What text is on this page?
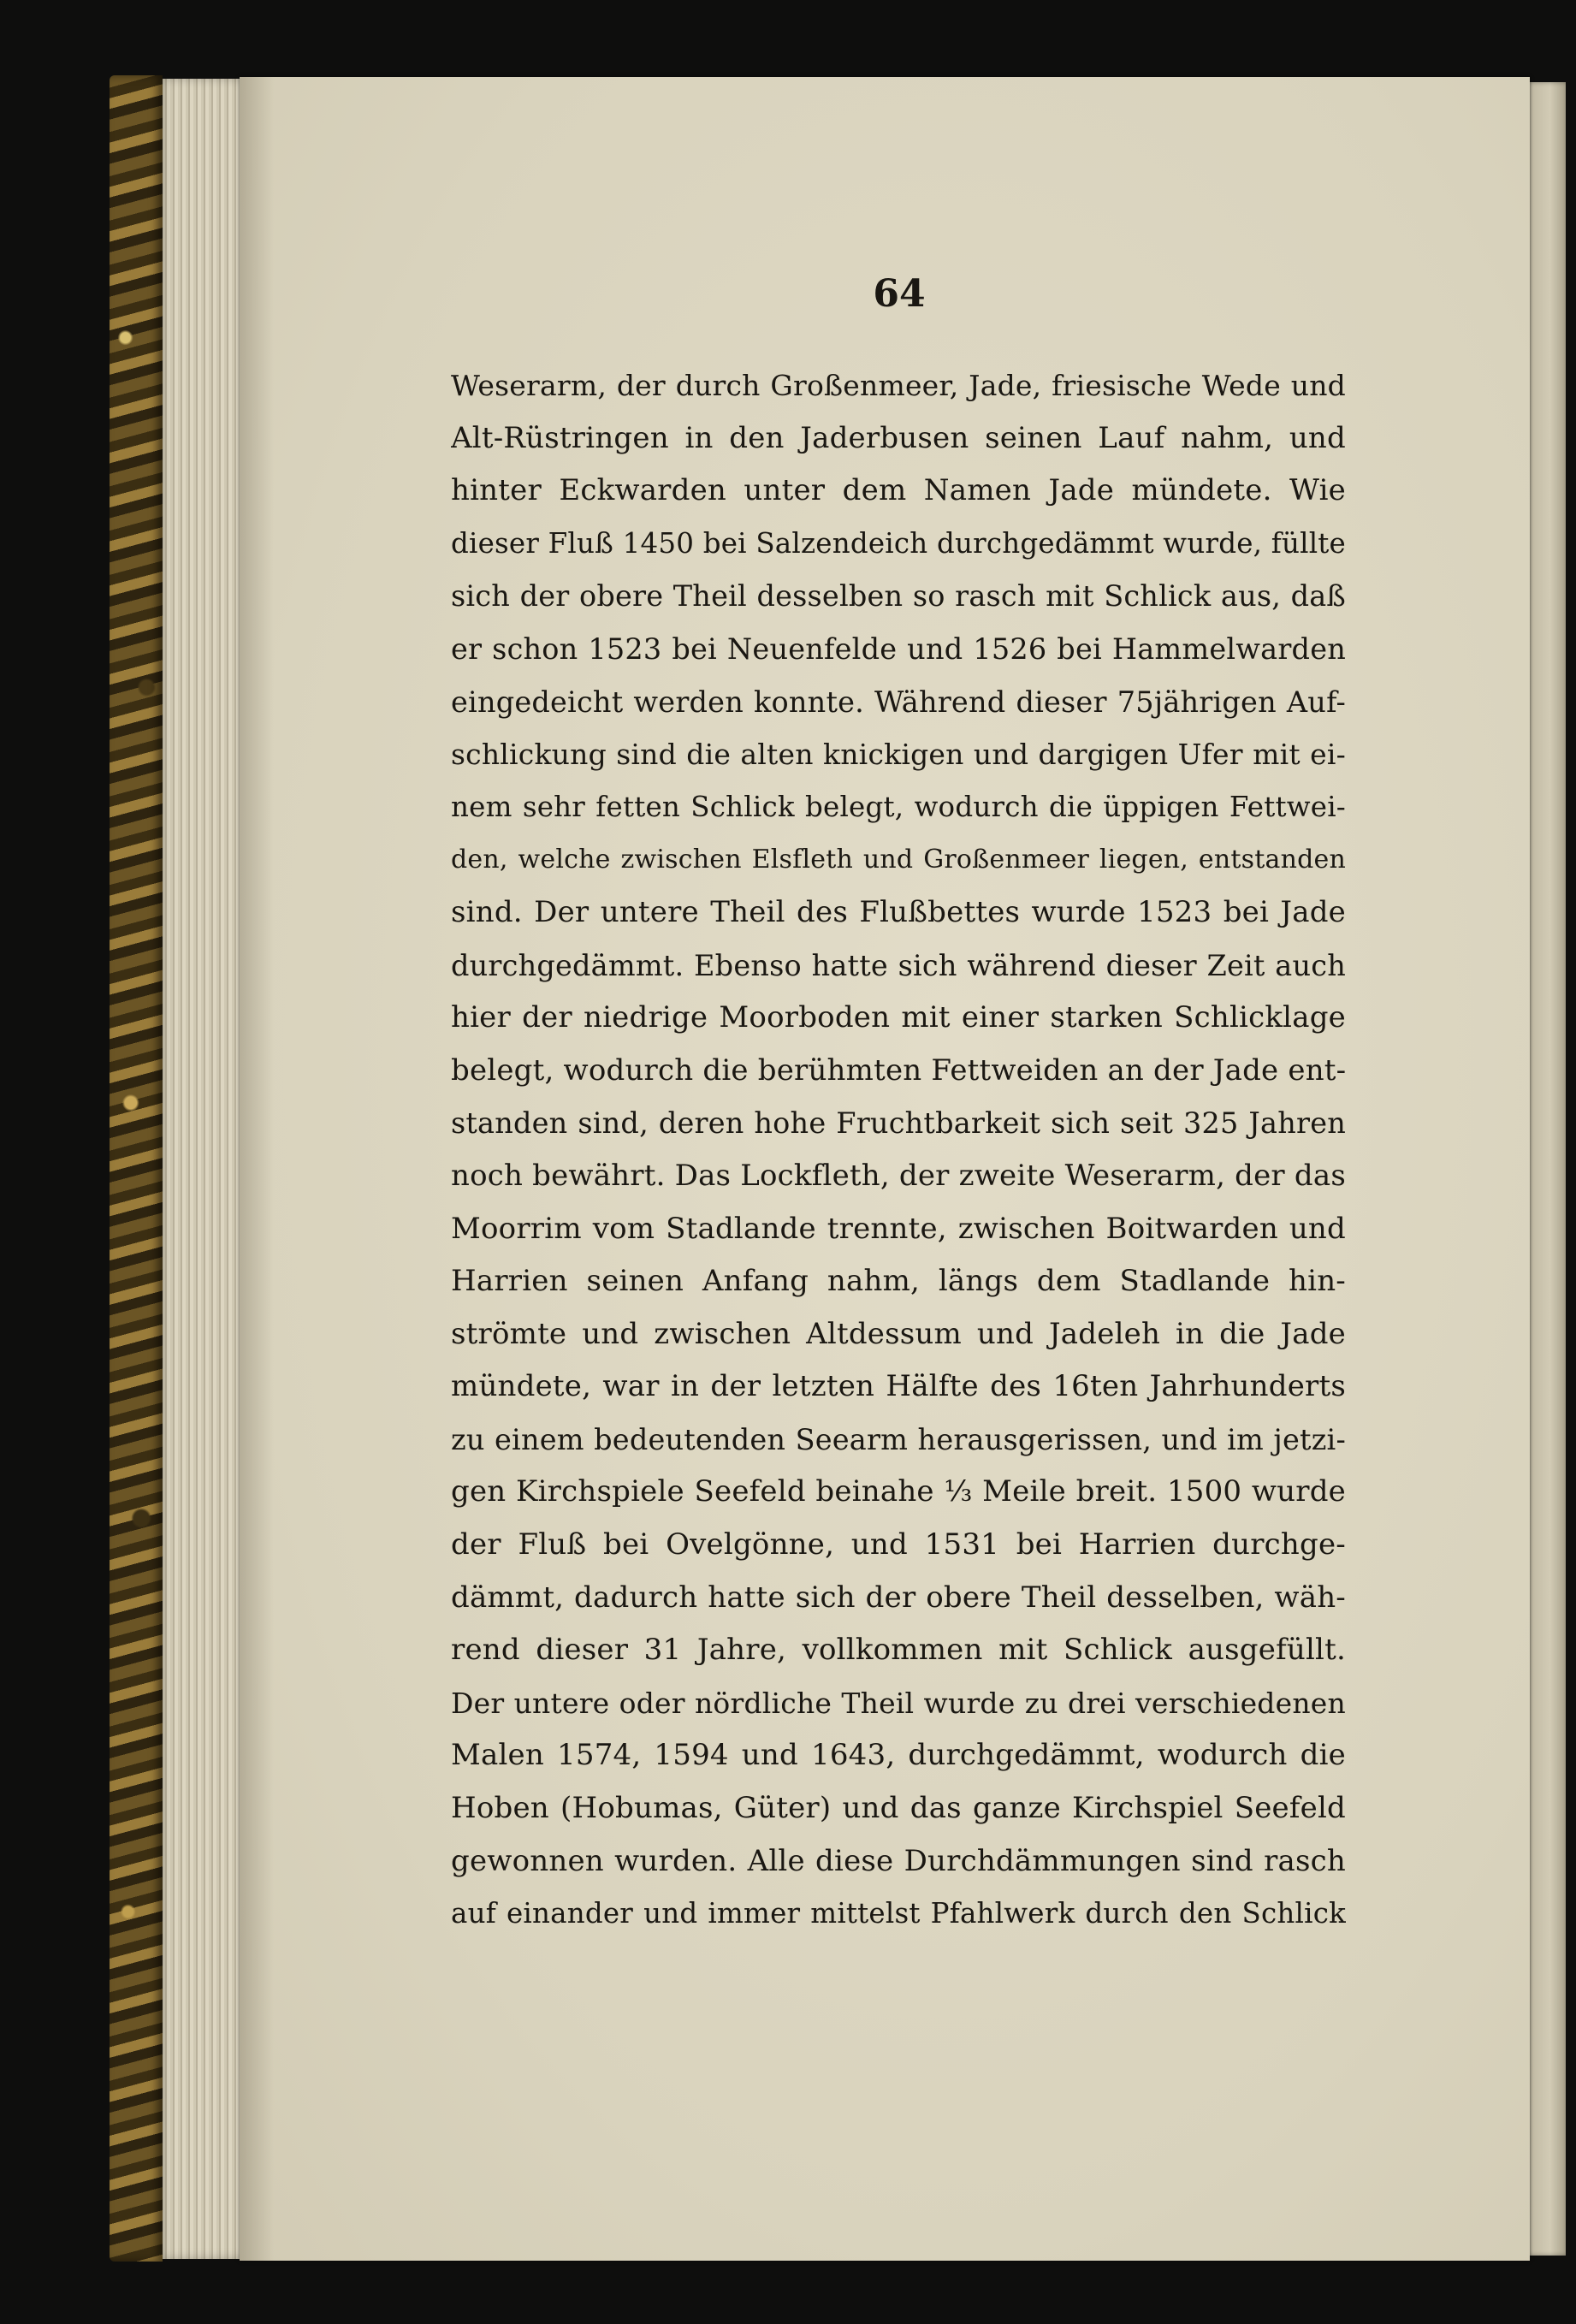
64
Weserarm, der durch Großenmeer, Jade, friesische Wede und
Alt-Rüstringen in den Jaderbusen seinen Lauf nahm, und
hinter Eckwarden unter dem Namen Jade mündete. Wie
dieser Fluß 1450 bei Salzendeich durchgedämmt wurde, füllte
sich der obere Theil desselben so rasch mit Schlick aus, daß
er schon 1523 bei Neuenfelde und 1526 bei Hammelwarden
eingedeicht werden konnte. Während dieser 75jährigen Auf-
schlickung sind die alten knickigen und dargigen Ufer mit ei-
nem sehr fetten Schlick belegt, wodurch die üppigen Fettwei-
den, welche zwischen Elsfleth und Großenmeer liegen, entstanden
sind. Der untere Theil des Flußbettes wurde 1523 bei Jade
durchgedämmt. Ebenso hatte sich während dieser Zeit auch
hier der niedrige Moorboden mit einer starken Schlicklage
belegt, wodurch die berühmten Fettweiden an der Jade ent-
standen sind, deren hohe Fruchtbarkeit sich seit 325 Jahren
noch bewährt. Das Lockfleth, der zweite Weserarm, der das
Moorrim vom Stadlande trennte, zwischen Boitwarden und
Harrien seinen Anfang nahm, längs dem Stadlande hin-
strömte und zwischen Altdessum und Jadeleh in die Jade
mündete, war in der letzten Hälfte des 16ten Jahrhunderts
zu einem bedeutenden Seearm herausgerissen, und im jetzi-
gen Kirchspiele Seefeld beinahe ⅓ Meile breit. 1500 wurde
der Fluß bei Ovelgönne, und 1531 bei Harrien durchge-
dämmt, dadurch hatte sich der obere Theil desselben, wäh-
rend dieser 31 Jahre, vollkommen mit Schlick ausgefüllt.
Der untere oder nördliche Theil wurde zu drei verschiedenen
Malen 1574, 1594 und 1643, durchgedämmt, wodurch die
Hoben (Hobumas, Güter) und das ganze Kirchspiel Seefeld
gewonnen wurden. Alle diese Durchdämmungen sind rasch
auf einander und immer mittelst Pfahlwerk durch den Schlick
